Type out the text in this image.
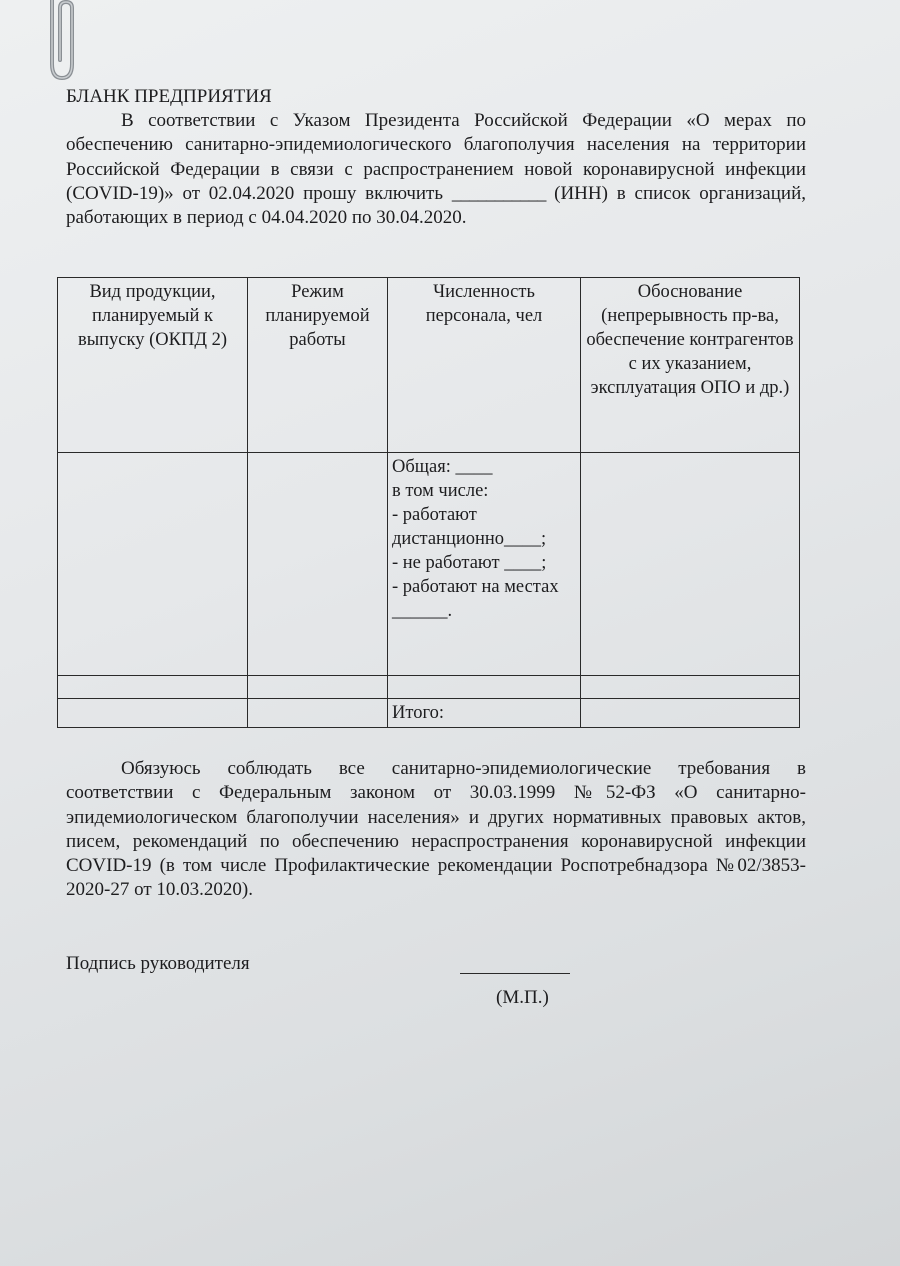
БЛАНК ПРЕДПРИЯТИЯ

В соответствии с Указом Президента Российской Федерации «О мерах по обеспечению санитарно-эпидемиологического благополучия населения на территории Российской Федерации в связи с распространением новой коронавирусной инфекции (COVID-19)» от 02.04.2020 прошу включить ___________ (ИНН) в список организаций, работающих в период с 04.04.2020 по 30.04.2020.

Вид продукции, планируемый к выпуску (ОКПД 2)	Режим планируемой работы	Численность персонала, чел	Обоснование (непрерывность пр-ва, обеспечение контрагентов с их указанием, эксплуатация ОПО и др.)

		Общая: ____
в том числе:
- работают дистанционно____;
- не работают ____;
- работают на местах ______.	

		Итого:	

Обязуюсь соблюдать все санитарно-эпидемиологические требования в соответствии с Федеральным законом от 30.03.1999 №52-ФЗ «О санитарно-эпидемиологическом благополучии населения» и других нормативных правовых актов, писем, рекомендаций по обеспечению нераспространения коронавирусной инфекции COVID-19 (в том числе Профилактические рекомендации Роспотребнадзора №02/3853-2020-27 от 10.03.2020).

Подпись руководителя
(М.П.)
